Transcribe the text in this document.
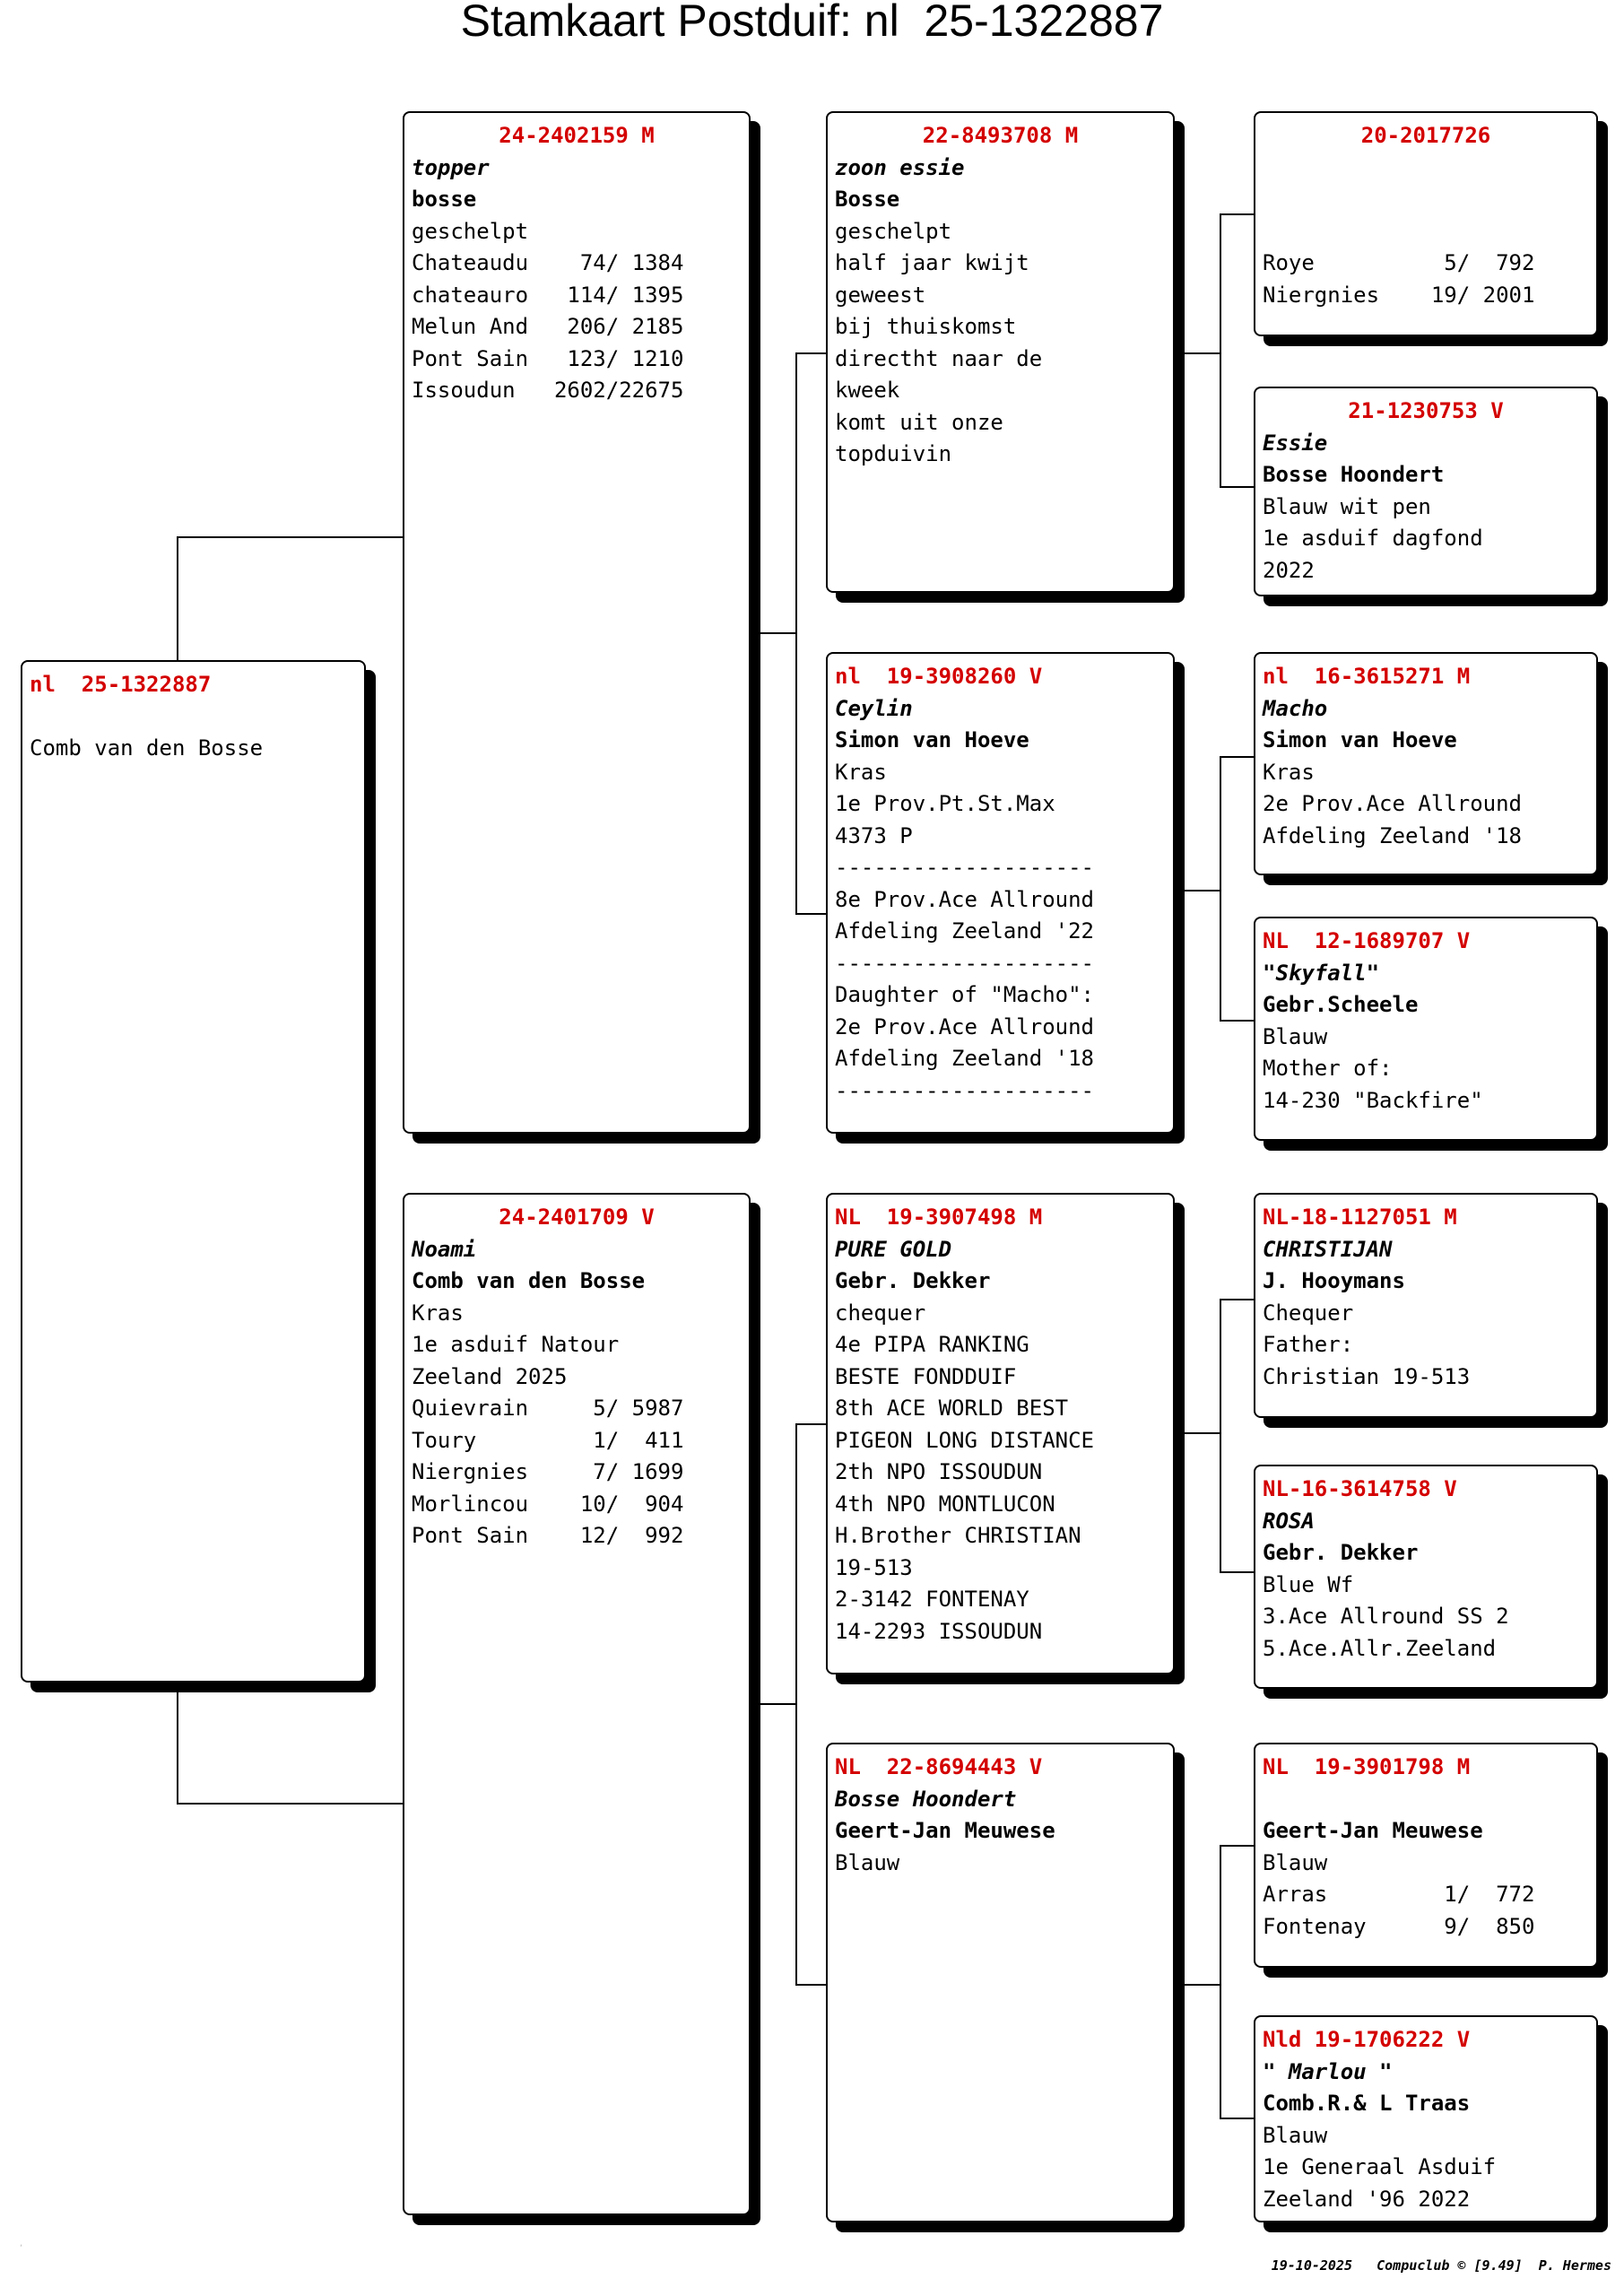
Stamkaart Postduif: nl  25-1322887
nl  25-1322887
Comb van den Bosse
24-2402159 M
topper
bosse
geschelpt
Chateaudu    74/ 1384
chateauro   114/ 1395
Melun And   206/ 2185
Pont Sain   123/ 1210
Issoudun   2602/22675
24-2401709 V
Noami
Comb van den Bosse
Kras
1e asduif Natour
Zeeland 2025
Quievrain     5/ 5987
Toury         1/  411
Niergnies     7/ 1699
Morlincou    10/  904
Pont Sain    12/  992
22-8493708 M
zoon essie
Bosse
geschelpt
half jaar kwijt
geweest
bij thuiskomst
directht naar de
kweek
komt uit onze
topduivin
nl  19-3908260 V
Ceylin
Simon van Hoeve
Kras
1e Prov.Pt.St.Max
4373 P
--------------------
8e Prov.Ace Allround
Afdeling Zeeland '22
--------------------
Daughter of "Macho":
2e Prov.Ace Allround
Afdeling Zeeland '18
--------------------
NL  19-3907498 M
PURE GOLD
Gebr. Dekker
chequer
4e PIPA RANKING
BESTE FONDDUIF
8th ACE WORLD BEST
PIGEON LONG DISTANCE
2th NPO ISSOUDUN
4th NPO MONTLUCON
H.Brother CHRISTIAN
19-513
2-3142 FONTENAY
14-2293 ISSOUDUN
NL  22-8694443 V
Bosse Hoondert
Geert-Jan Meuwese
Blauw
20-2017726
Roye          5/  792
Niergnies    19/ 2001
21-1230753 V
Essie
Bosse Hoondert
Blauw wit pen
1e asduif dagfond
2022
nl  16-3615271 M
Macho
Simon van Hoeve
Kras
2e Prov.Ace Allround
Afdeling Zeeland '18
NL  12-1689707 V
"Skyfall"
Gebr.Scheele
Blauw
Mother of:
14-230 "Backfire"
NL-18-1127051 M
CHRISTIJAN
J. Hooymans
Chequer
Father:
Christian 19-513
NL-16-3614758 V
ROSA
Gebr. Dekker
Blue Wf
3.Ace Allround SS 2
5.Ace.Allr.Zeeland
NL  19-3901798 M
Geert-Jan Meuwese
Blauw
Arras         1/  772
Fontenay      9/  850
Nld 19-1706222 V
" Marlou "
Comb.R.& L Traas
Blauw
1e Generaal Asduif
Zeeland '96 2022
,
19-10-2025   Compuclub © [9.49]  P. Hermes
